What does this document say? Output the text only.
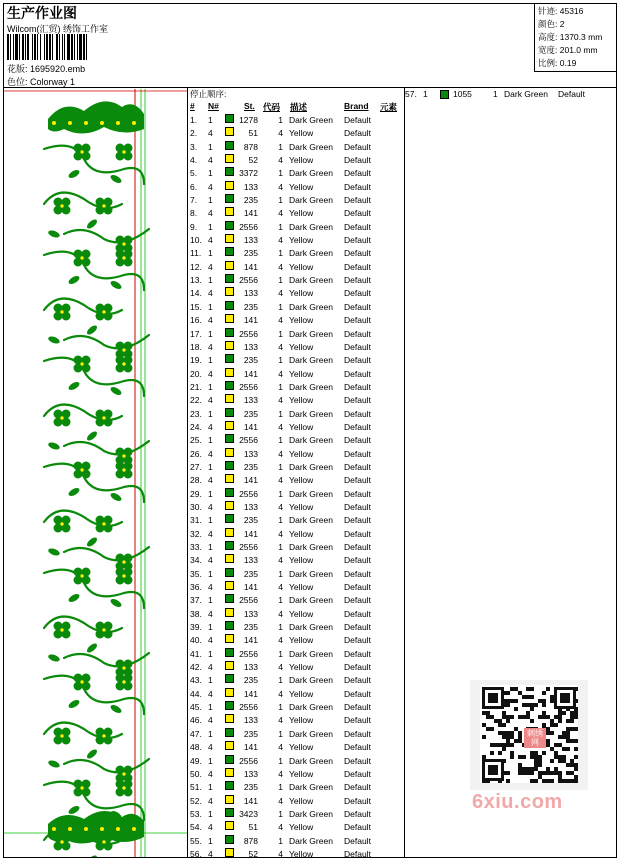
生产作业图
Wilcom(汇贸) 绣饰工作室
花版: 1695920.emb
色位: Colorway 1
针迹: 45316
颜色: 2
高度: 1370.3 mm
宽度: 201.0 mm
比例: 0.19
停止顺序:
# N#	St. 代码 描述	Brand 元素
1. 1	1278	1 Dark Green Default
2. 4	51	4 Yellow	Default
3. 1	878	1 Dark Green Default
4. 4	52	4 Yellow	Default
5. 1	3372	1 Dark Green Default
6. 4	133	4 Yellow	Default
7. 1	235	1 Dark Green Default
8. 4	141	4 Yellow	Default
9. 1	2556	1 Dark Green Default
10. 4	133	4 Yellow	Default
11. 1	235	1 Dark Green Default
12. 4	141	4 Yellow	Default
13. 1	2556	1 Dark Green Default
14. 4	133	4 Yellow	Default
15. 1	235	1 Dark Green Default
16. 4	141	4 Yellow	Default
17. 1	2556	1 Dark Green Default
18. 4	133	4 Yellow	Default
19. 1	235	1 Dark Green Default
20. 4	141	4 Yellow	Default
21. 1	2556	1 Dark Green Default
22. 4	133	4 Yellow	Default
23. 1	235	1 Dark Green Default
24. 4	141	4 Yellow	Default
25. 1	2556	1 Dark Green Default
26. 4	133	4 Yellow	Default
27. 1	235	1 Dark Green Default
28. 4	141	4 Yellow	Default
29. 1	2556	1 Dark Green Default
30. 4	133	4 Yellow	Default
31. 1	235	1 Dark Green Default
32. 4	141	4 Yellow	Default
33. 1	2556	1 Dark Green Default
34. 4	133	4 Yellow	Default
35. 1	235	1 Dark Green Default
36. 4	141	4 Yellow	Default
37. 1	2556	1 Dark Green Default
38. 4	133	4 Yellow	Default
39. 1	235	1 Dark Green Default
40. 4	141	4 Yellow	Default
41. 1	2556	1 Dark Green Default
42. 4	133	4 Yellow	Default
43. 1	235	1 Dark Green Default
44. 4	141	4 Yellow	Default
45. 1	2556	1 Dark Green Default
46. 4	133	4 Yellow	Default
47. 1	235	1 Dark Green Default
48. 4	141	4 Yellow	Default
49. 1	2556	1 Dark Green Default
50. 4	133	4 Yellow	Default
51. 1	235	1 Dark Green Default
52. 4	141	4 Yellow	Default
53. 1	3423	1 Dark Green Default
54. 4	51	4 Yellow	Default
55. 1	878	1 Dark Green Default
56. 4	52	4 Yellow	Default
57. 1	1055 1 Dark Green Default
刺绣网
6xiu.com
